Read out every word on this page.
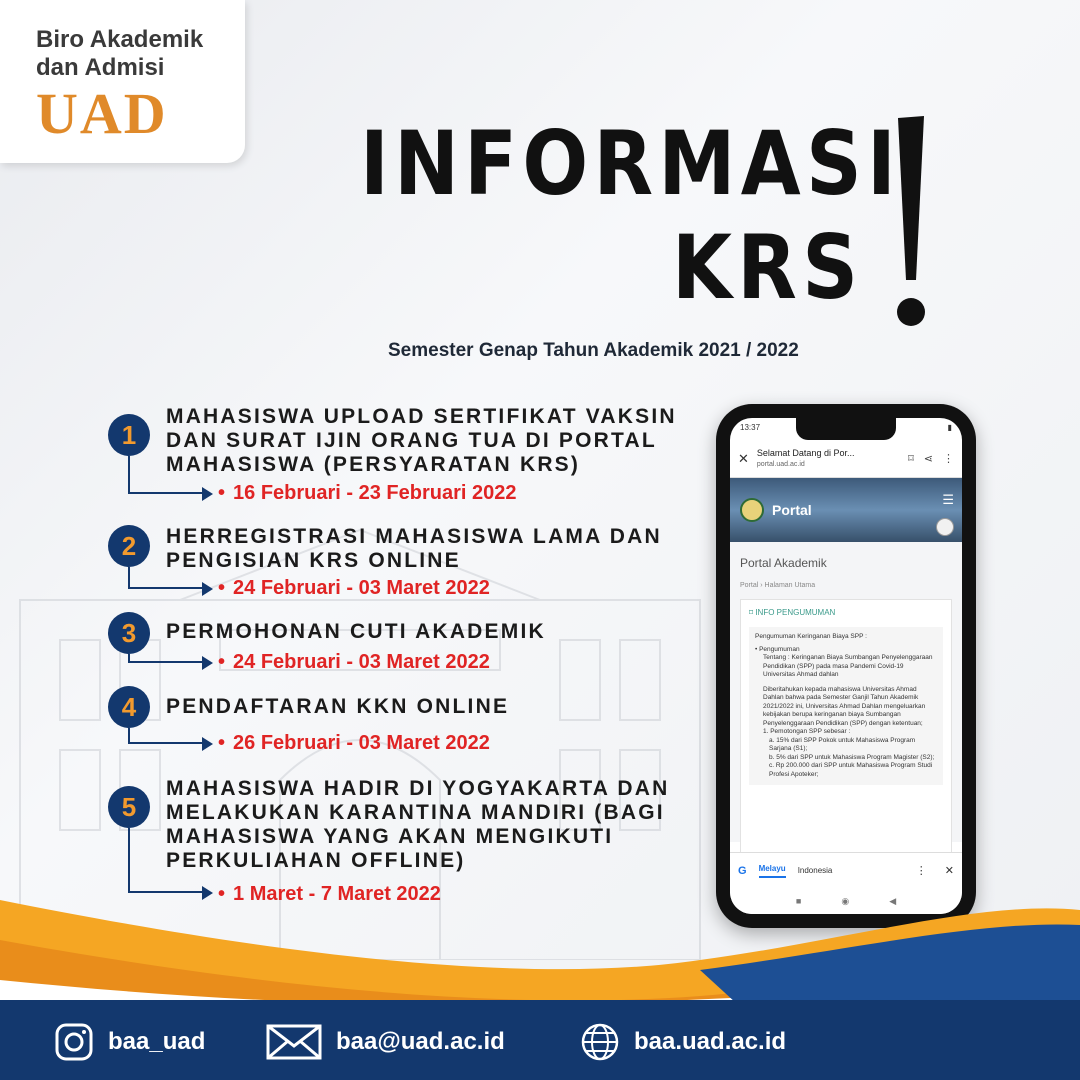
Biro Akademik
dan Admisi
UAD	INFORMASI
KRS
Semester Genap Tahun Akademik 2021 / 2022
1
MAHASISWA UPLOAD SERTIFIKAT VAKSIN DAN SURAT IJIN ORANG TUA DI PORTAL MAHASISWA (PERSYARATAN KRS)
• 16 Februari - 23 Februari 2022
2	HERREGISTRASI MAHASISWA LAMA DAN PENGISIAN KRS ONLINE
• 24 Februari - 03 Maret 2022
3	PERMOHONAN CUTI AKADEMIK
• 24 Februari - 03 Maret 2022
4	PENDAFTARAN KKN ONLINE
• 26 Februari - 03 Maret 2022
5
MAHASISWA HADIR DI YOGYAKARTA DAN MELAKUKAN KARANTINA MANDIRI (BAGI MAHASISWA YANG AKAN MENGIKUTI PERKULIAHAN OFFLINE)
• 1 Maret - 7 Maret 2022
13:37	▮
✕ Selamat Datang di Por...
portal.uad.ac.id	⌑ ⋖ ⋮
Portal
☰
Portal Akademik
Portal › Halaman Utama
⌑ INFO PENGUMUMAN
Pengumuman Keringanan Biaya SPP :
• Pengumuman
Tentang : Keringanan Biaya Sumbangan Penyelenggaraan Pendidikan (SPP) pada masa Pandemi Covid-19 Universitas Ahmad dahlan
Diberitahukan kepada mahasiswa Universitas Ahmad Dahlan bahwa pada Semester Ganjil Tahun Akademik 2021/2022 ini, Universitas Ahmad Dahlan mengeluarkan kebijakan berupa keringanan biaya Sumbangan Penyelenggaraan Pendidikan (SPP) dengan ketentuan;
1. Pemotongan SPP sebesar :
a. 15% dari SPP Pokok untuk Mahasiswa Program Sarjana (S1);
b. 5% dari SPP untuk Mahasiswa Program Magister (S2);
c. Rp 200.000 dari SPP untuk Mahasiswa Program Studi Profesi Apoteker;
G Melayu Indonesia	⋮ ✕
■	◉	◀
baa_uad	baa@uad.ac.id	baa.uad.ac.id
